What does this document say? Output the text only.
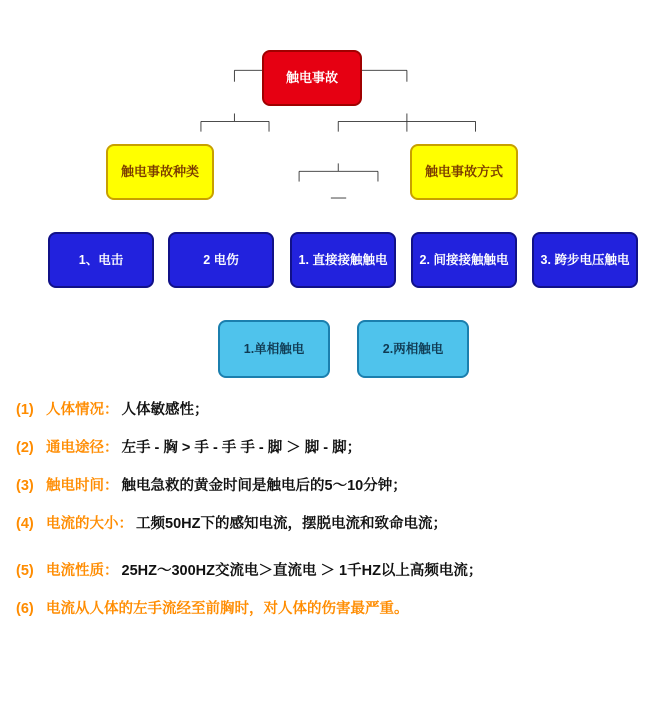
触电事故
触电事故种类	触电事故方式
1、电击	2 电伤	1. 直接接触触电	2. 间接接触触电	3. 跨步电压触电
1.单相触电	2.两相触电
(1) 人体情况： 人体敏感性；
(2) 通电途径： 左手 - 胸 > 手 - 手 手 - 脚 ＞ 脚 - 脚；
(3) 触电时间： 触电急救的黄金时间是触电后的5～10分钟；
(4) 电流的大小： 工频50HZ下的感知电流，摆脱电流和致命电流；
(5) 电流性质： 25HZ～300HZ交流电＞直流电 ＞ 1千HZ以上高频电流；
(6) 电流从人体的左手流经至前胸时，对人体的伤害最严重。
